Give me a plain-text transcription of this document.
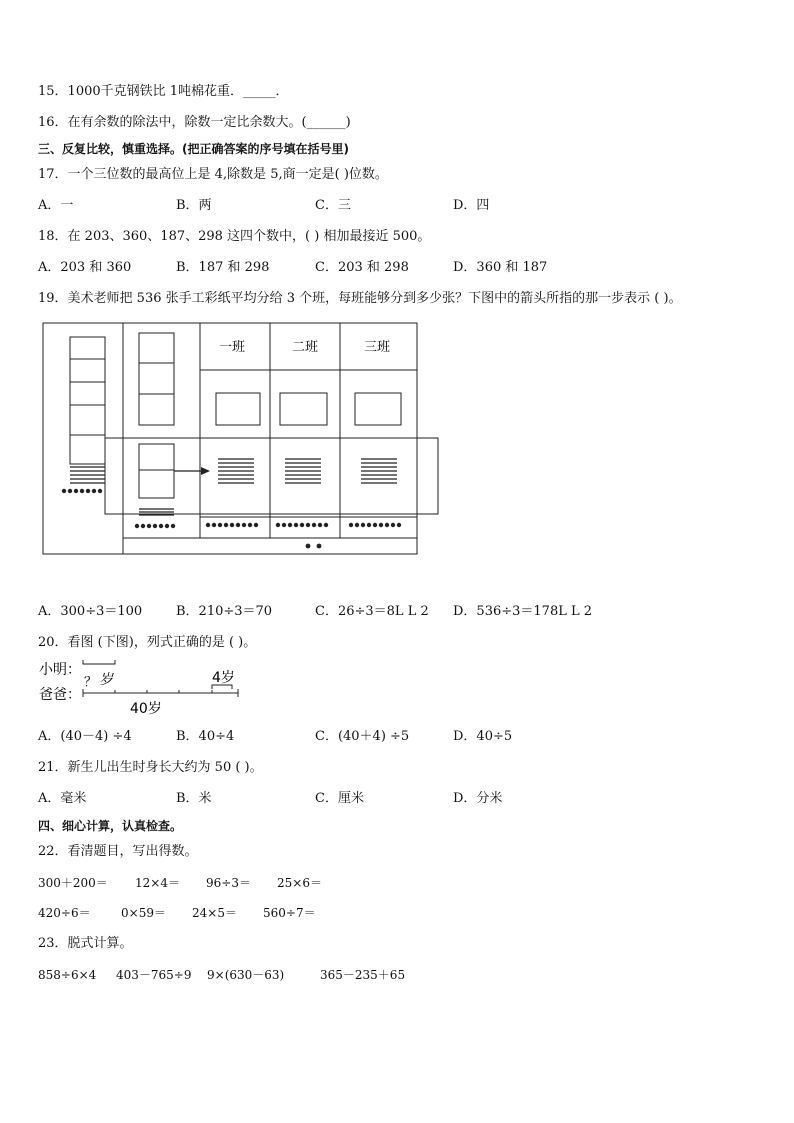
15．1000千克钢铁比 1吨棉花重．_____．
16．在有余数的除法中，除数一定比余数大。(______)
三、反复比较，慎重选择。(把正确答案的序号填在括号里)
17．一个三位数的最高位上是 4,除数是 5,商一定是( )位数。
A．一	B．两	C．三	D．四
18．在 203、360、187、298 这四个数中，( ) 相加最接近 500。
A．203 和 360	B．187 和 298	C．203 和 298	D．360 和 187
19．美术老师把 536 张手工彩纸平均分给 3 个班，每班能够分到多少张？下图中的箭头所指的那一步表示 ( )。
一班	二班	三班
小明：
爸爸：
？ 岁	4岁
40岁
A．300÷3＝100	B．210÷3＝70	C．26÷3＝8L L 2 D．536÷3＝178L L 2
20．看图 (下图)，列式正确的是 ( )。
A．(40－4) ÷4	B．40÷4	C．(40＋4) ÷5	D．40÷5
21．新生儿出生时身长大约为 50 ( )。
A．毫米	B．米	C．厘米	D．分米
四、细心计算，认真检查。
22．看清题目，写出得数。
300＋200＝ 12×4＝ 96÷3＝ 25×6＝
420÷6＝	0×59＝ 24×5＝ 560÷7＝
23．脱式计算。
858÷6×4 403－765÷9 9×(630－63)	365－235＋65
